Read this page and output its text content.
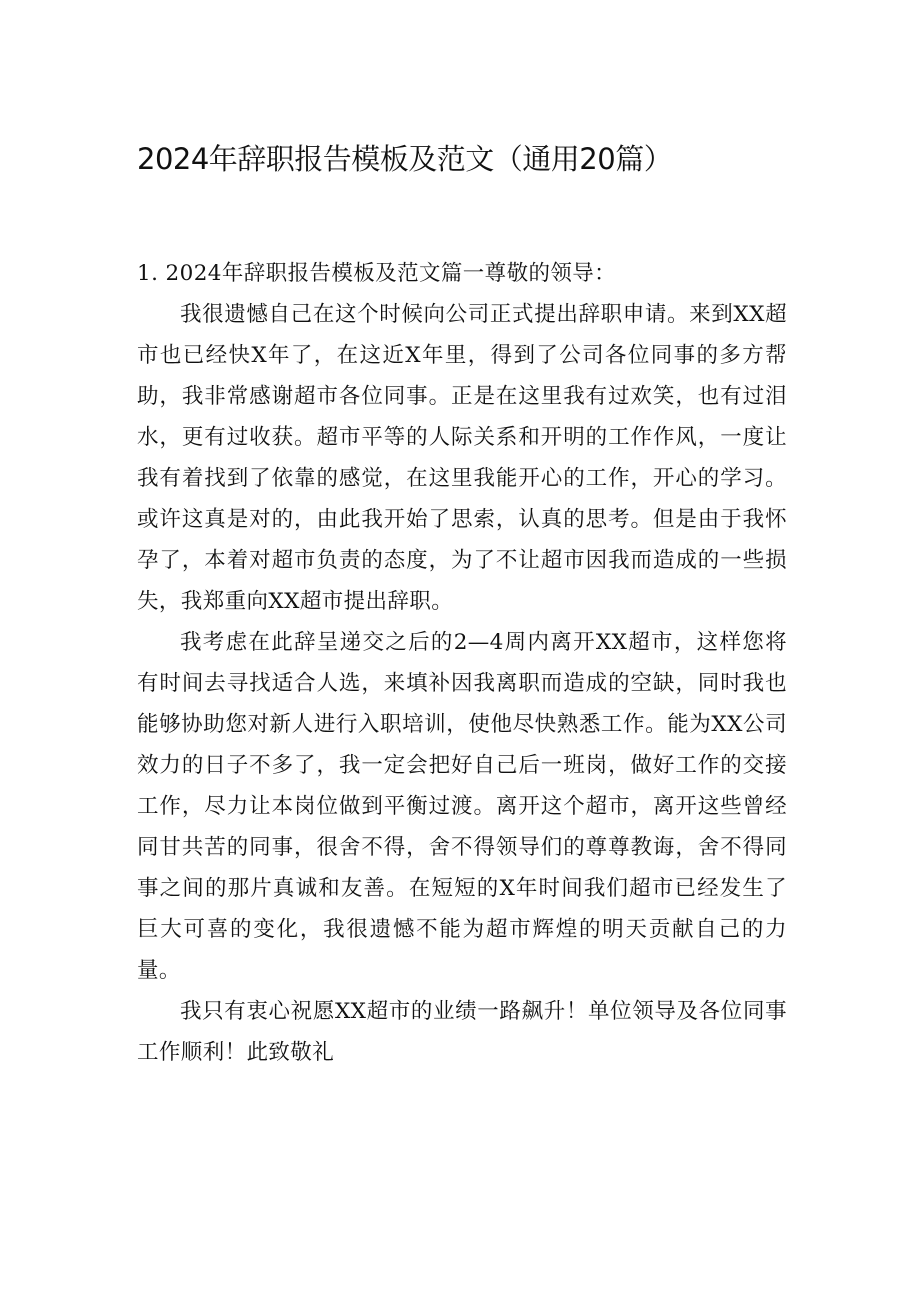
2024年辞职报告模板及范文（通用20篇）

1. 2024年辞职报告模板及范文篇一尊敬的领导：

我很遗憾自己在这个时候向公司正式提出辞职申请。来到XX超市也已经快X年了，在这近X年里，得到了公司各位同事的多方帮助，我非常感谢超市各位同事。正是在这里我有过欢笑，也有过泪水，更有过收获。超市平等的人际关系和开明的工作作风，一度让我有着找到了依靠的感觉，在这里我能开心的工作，开心的学习。或许这真是对的，由此我开始了思索，认真的思考。但是由于我怀孕了，本着对超市负责的态度，为了不让超市因我而造成的一些损失，我郑重向XX超市提出辞职。

我考虑在此辞呈递交之后的2—4周内离开XX超市，这样您将有时间去寻找适合人选，来填补因我离职而造成的空缺，同时我也能够协助您对新人进行入职培训，使他尽快熟悉工作。能为XX公司效力的日子不多了，我一定会把好自己后一班岗，做好工作的交接工作，尽力让本岗位做到平衡过渡。离开这个超市，离开这些曾经同甘共苦的同事，很舍不得，舍不得领导们的尊尊教诲，舍不得同事之间的那片真诚和友善。在短短的X年时间我们超市已经发生了巨大可喜的变化，我很遗憾不能为超市辉煌的明天贡献自己的力量。

我只有衷心祝愿XX超市的业绩一路飙升！单位领导及各位同事工作顺利！此致敬礼
